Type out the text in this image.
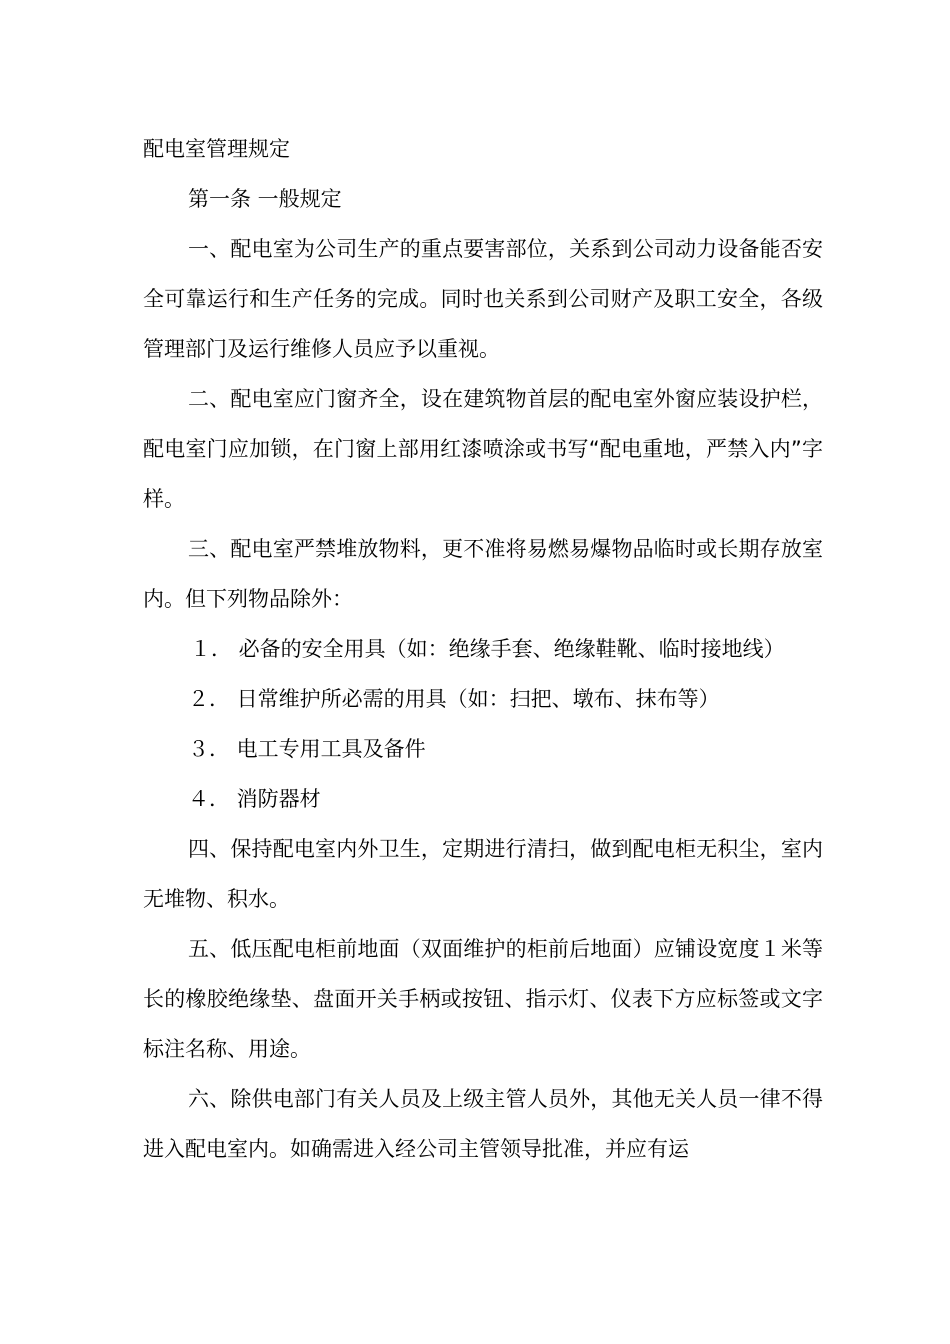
配电室管理规定

第一条 一般规定

一、配电室为公司生产的重点要害部位，关系到公司动力设备能否安全可靠运行和生产任务的完成。同时也关系到公司财产及职工安全，各级管理部门及运行维修人员应予以重视。

二、配电室应门窗齐全，设在建筑物首层的配电室外窗应装设护栏，配电室门应加锁，在门窗上部用红漆喷涂或书写“配电重地，严禁入内”字样。

三、配电室严禁堆放物料，更不准将易燃易爆物品临时或长期存放室内。但下列物品除外：

１． 必备的安全用具（如：绝缘手套、绝缘鞋靴、临时接地线）

２． 日常维护所必需的用具（如：扫把、墩布、抹布等）

３． 电工专用工具及备件

４． 消防器材

四、保持配电室内外卫生，定期进行清扫，做到配电柜无积尘，室内无堆物、积水。

五、低压配电柜前地面（双面维护的柜前后地面）应铺设宽度１米等长的橡胶绝缘垫、盘面开关手柄或按钮、指示灯、仪表下方应标签或文字标注名称、用途。

六、除供电部门有关人员及上级主管人员外，其他无关人员一律不得进入配电室内。如确需进入经公司主管领导批准，并应有运
